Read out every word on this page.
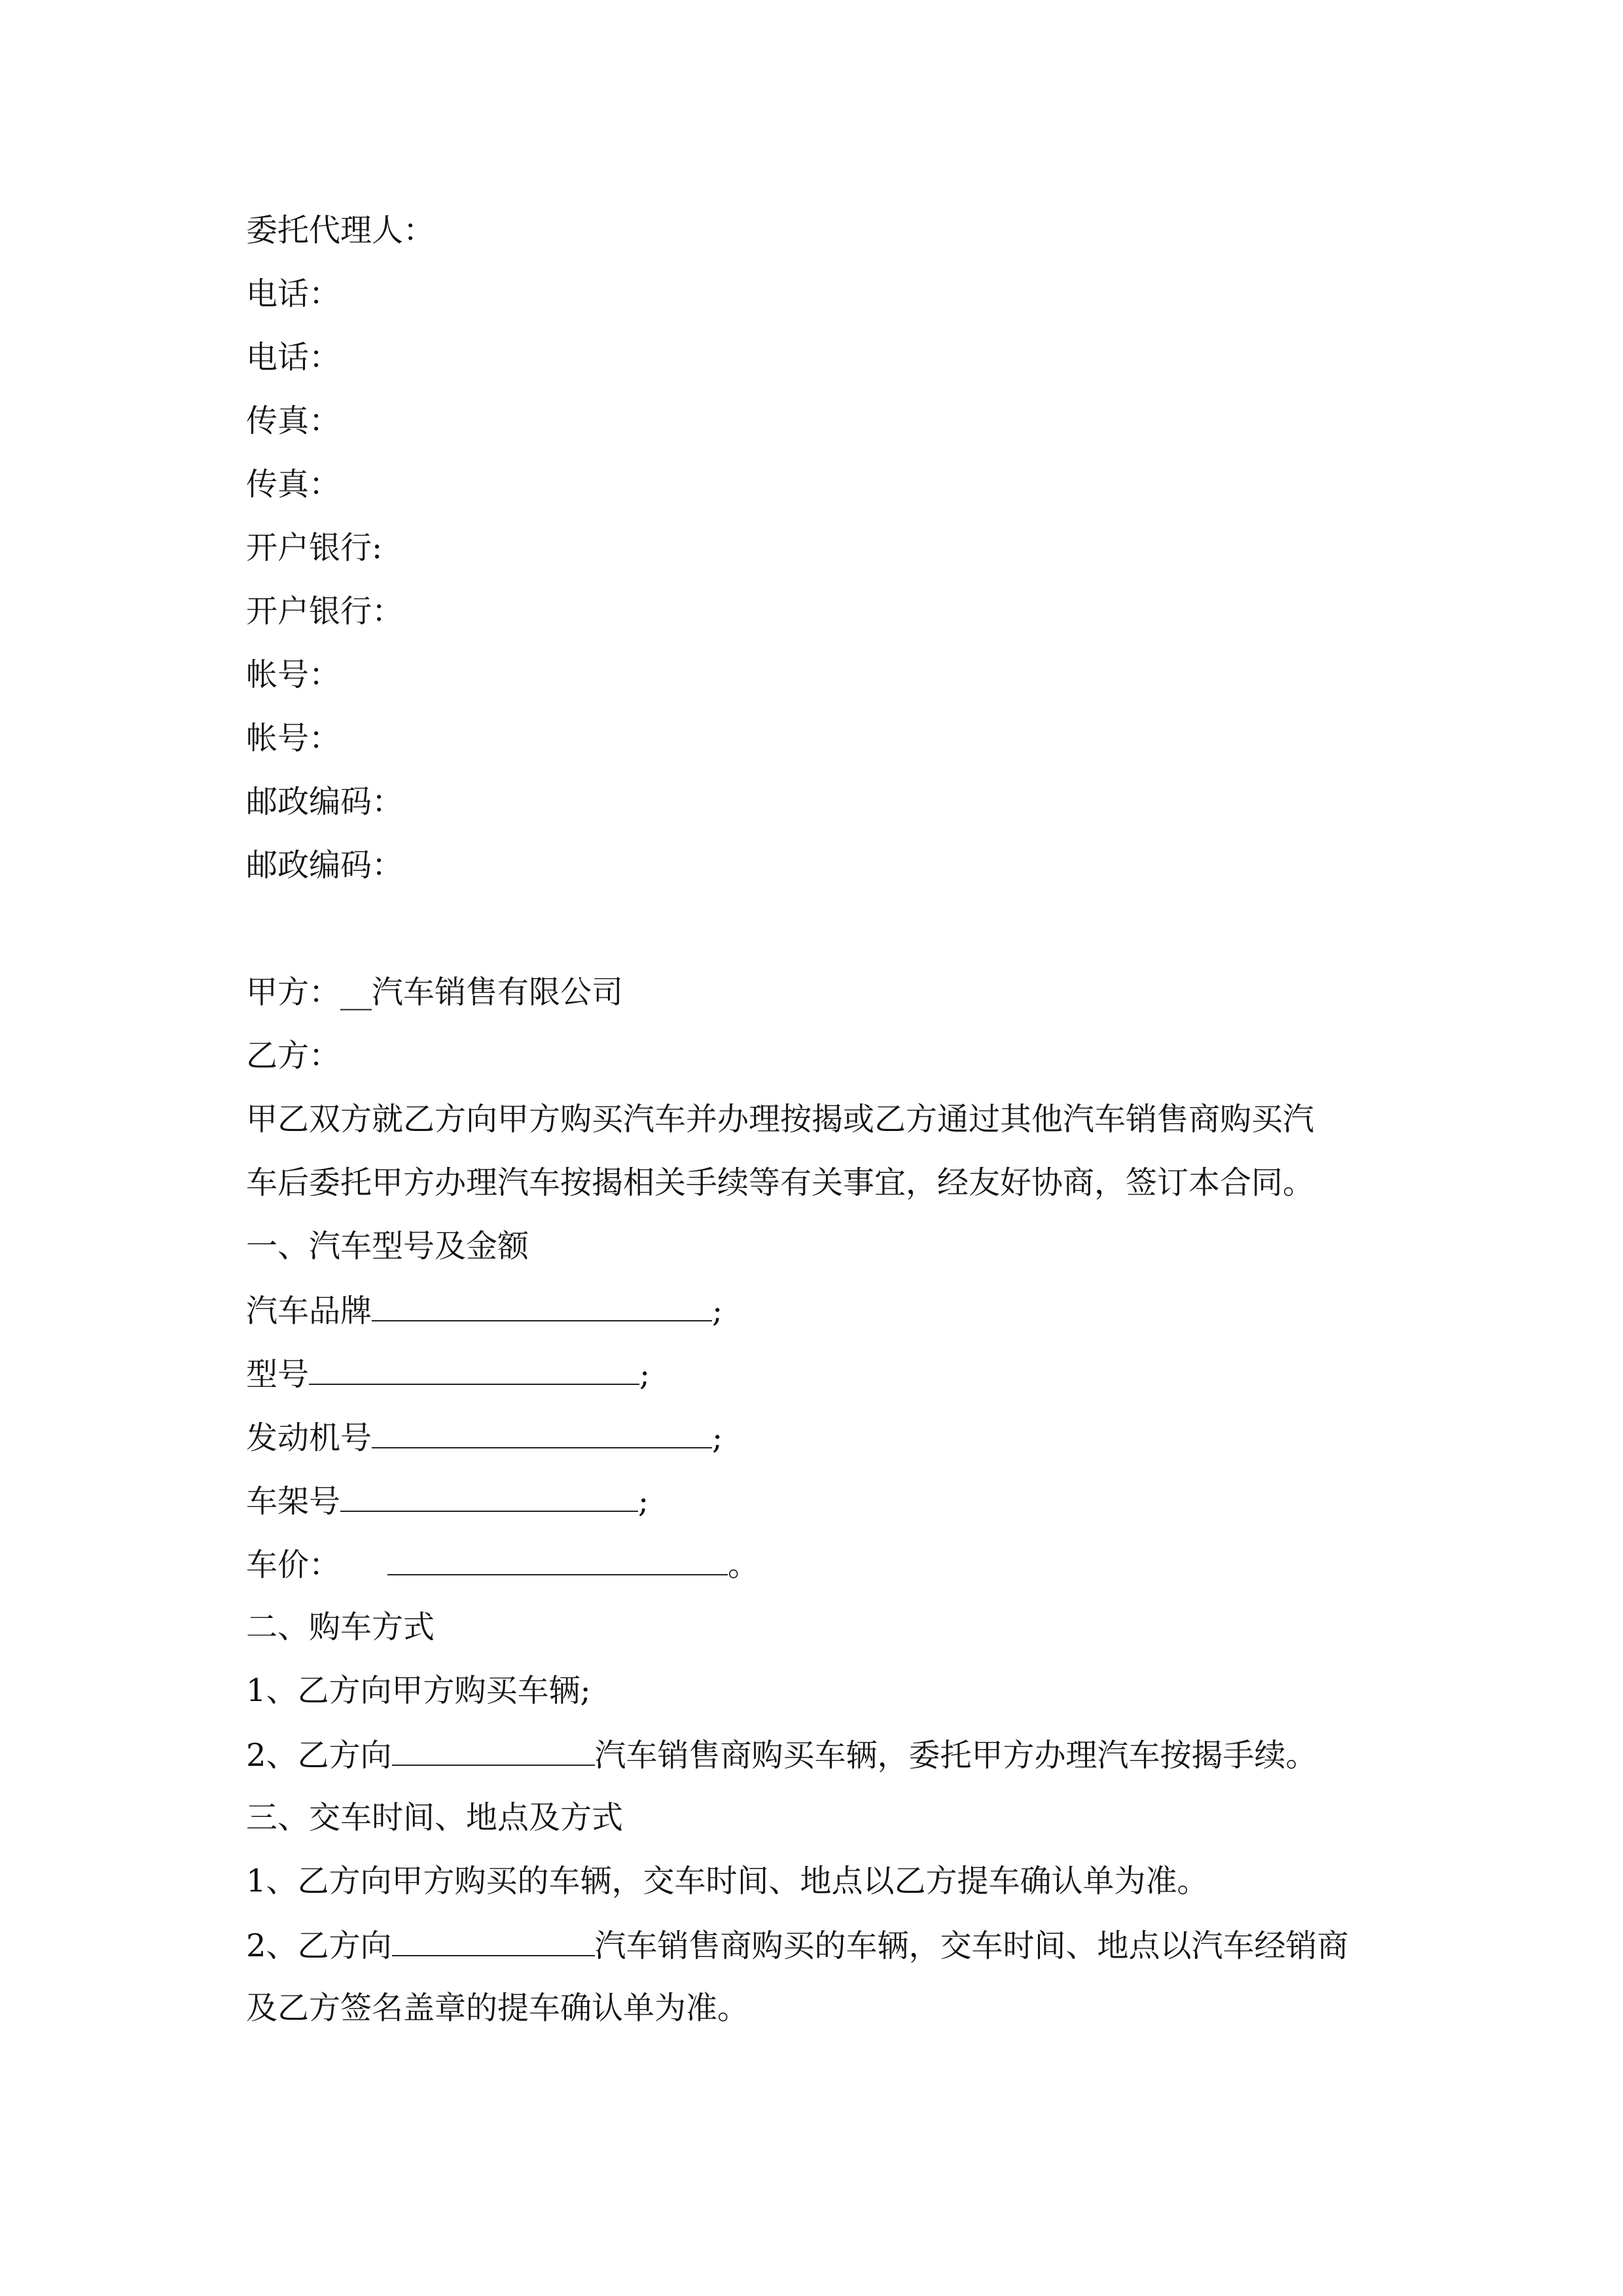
委托代理人：
电话：
电话：
传真：
传真：
开户银行:
开户银行：
帐号：
帐号：
邮政编码：
邮政编码：
甲方：__汽车销售有限公司
乙方：
甲乙双方就乙方向甲方购买汽车并办理按揭或乙方通过其他汽车销售商购买汽
车后委托甲方办理汽车按揭相关手续等有关事宜，经友好协商，签订本合同。
一、汽车型号及金额
汽车品牌	;
型号	;
发动机号	;
车架号	;
车价：	。
二、购车方式
1、乙方向甲方购买车辆;
2、乙方向	汽车销售商购买车辆，委托甲方办理汽车按揭手续。
三、交车时间、地点及方式
1、乙方向甲方购买的车辆，交车时间、地点以乙方提车确认单为准。
2、乙方向	汽车销售商购买的车辆，交车时间、地点以汽车经销商
及乙方签名盖章的提车确认单为准。
